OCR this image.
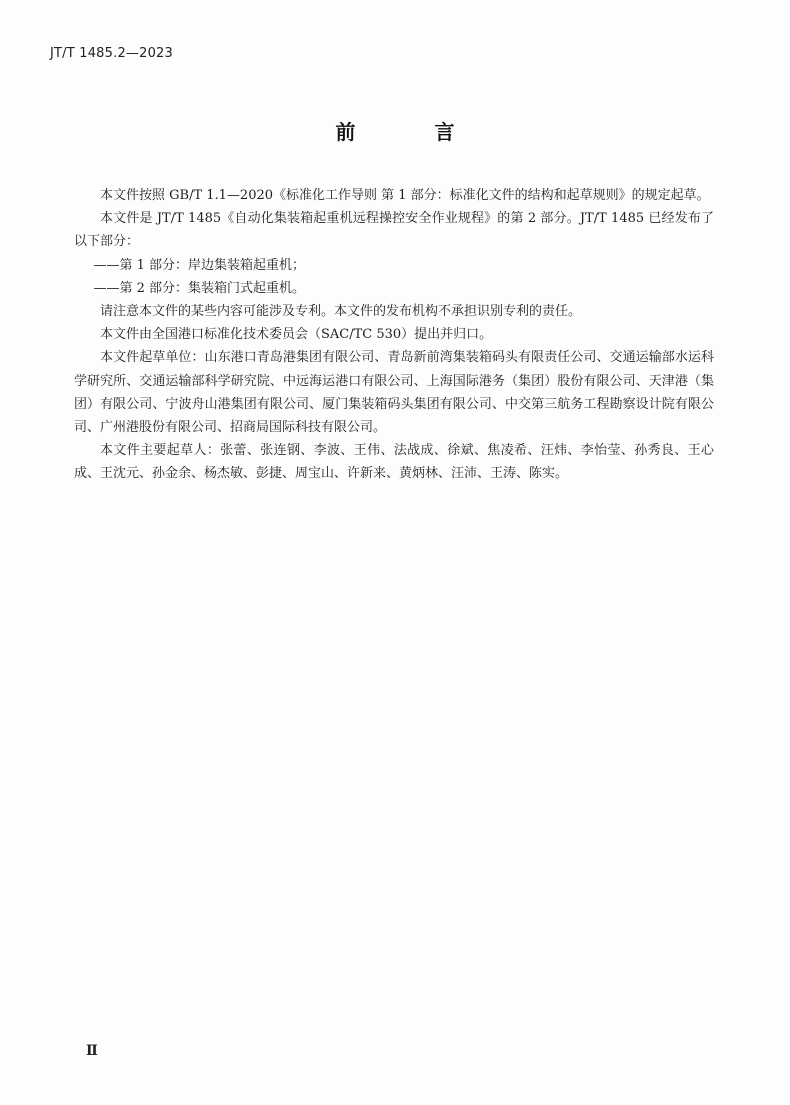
JT/T 1485.2—2023
前 言

本文件按照 GB/T 1.1—2020《标准化工作导则 第 1 部分：标准化文件的结构和起草规则》的规定起草。

本文件是 JT/T 1485《自动化集装箱起重机远程操控安全作业规程》的第 2 部分。JT/T 1485 已经发布了以下部分：

——第 1 部分：岸边集装箱起重机；

——第 2 部分：集装箱门式起重机。

请注意本文件的某些内容可能涉及专利。本文件的发布机构不承担识别专利的责任。

本文件由全国港口标准化技术委员会（SAC/TC 530）提出并归口。

本文件起草单位：山东港口青岛港集团有限公司、青岛新前湾集装箱码头有限责任公司、交通运输部水运科学研究所、交通运输部科学研究院、中远海运港口有限公司、上海国际港务（集团）股份有限公司、天津港（集团）有限公司、宁波舟山港集团有限公司、厦门集装箱码头集团有限公司、中交第三航务工程勘察设计院有限公司、广州港股份有限公司、招商局国际科技有限公司。

本文件主要起草人：张蕾、张连钢、李波、王伟、法战成、徐斌、焦凌希、汪炜、李怡莹、孙秀良、王心成、王沈元、孙金余、杨杰敏、彭捷、周宝山、许新来、黄炳林、汪沛、王涛、陈实。

Ⅱ
